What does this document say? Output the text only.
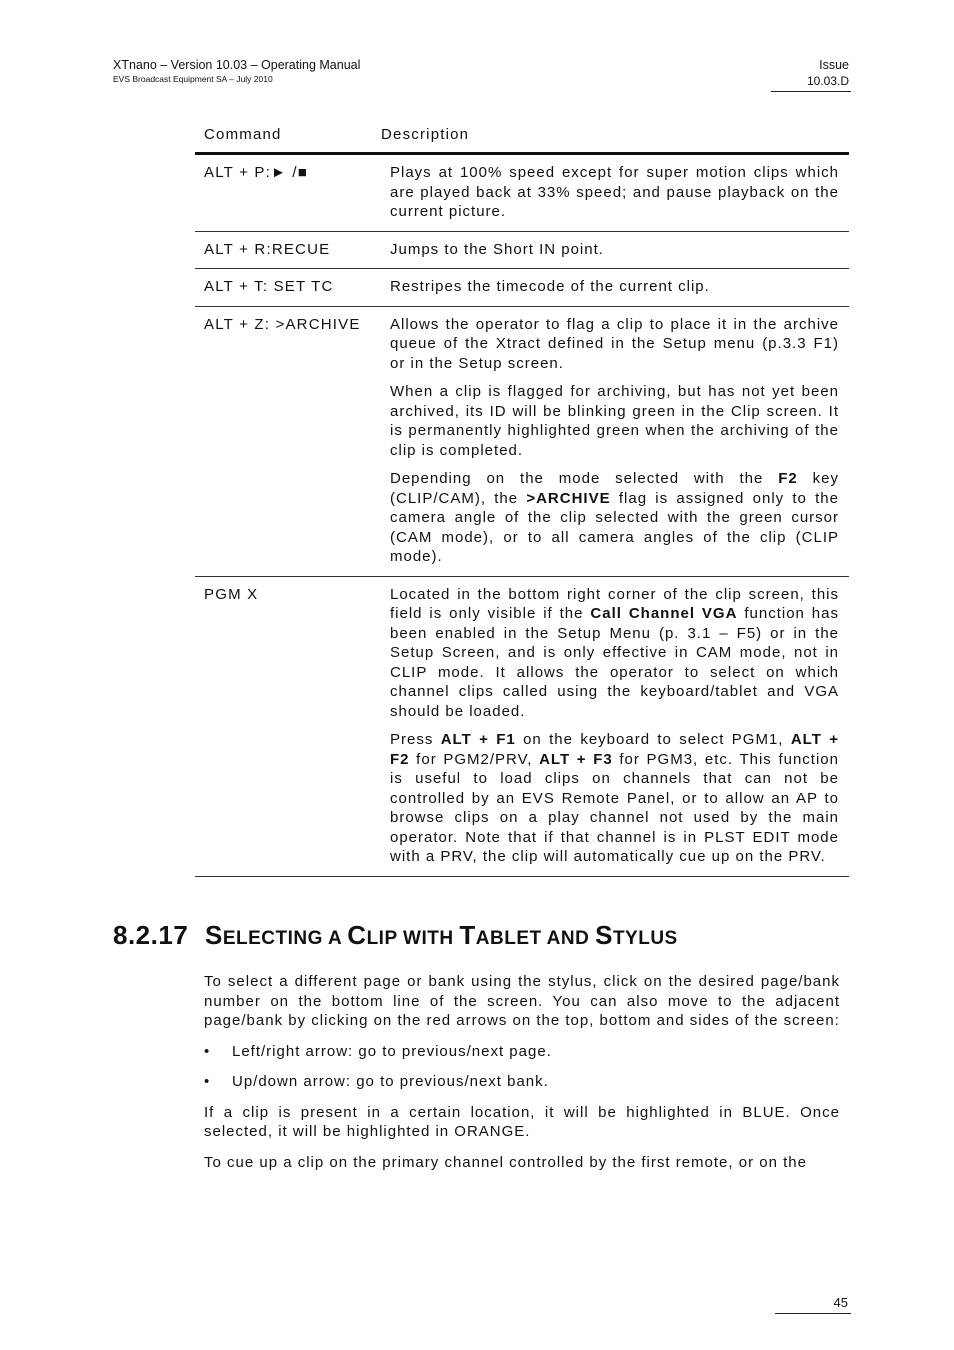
XTnano – Version 10.03 – Operating Manual
EVS Broadcast Equipment SA – July 2010
Issue
10.03.D
Command	Description
ALT + P:► /■	Plays at 100% speed except for super motion clips which are played back at 33% speed; and pause playback on the current picture.

ALT + R:RECUE	Jumps to the Short IN point.

ALT + T: SET TC	Restripes the timecode of the current clip.

ALT + Z: >ARCHIVE	Allows the operator to flag a clip to place it in the archive queue of the Xtract defined in the Setup menu (p.3.3 F1) or in the Setup screen.

When a clip is flagged for archiving, but has not yet been archived, its ID will be blinking green in the Clip screen. It is permanently highlighted green when the archiving of the clip is completed.

Depending on the mode selected with the F2 key (CLIP/CAM), the >ARCHIVE flag is assigned only to the camera angle of the clip selected with the green cursor (CAM mode), or to all camera angles of the clip (CLIP mode).

PGM X	Located in the bottom right corner of the clip screen, this field is only visible if the Call Channel VGA function has been enabled in the Setup Menu (p. 3.1 – F5) or in the Setup Screen, and is only effective in CAM mode, not in CLIP mode. It allows the operator to select on which channel clips called using the keyboard/tablet and VGA should be loaded.

Press ALT + F1 on the keyboard to select PGM1, ALT + F2 for PGM2/PRV, ALT + F3 for PGM3, etc. This function is useful to load clips on channels that can not be controlled by an EVS Remote Panel, or to allow an AP to browse clips on a play channel not used by the main operator. Note that if that channel is in PLST EDIT mode with a PRV, the clip will automatically cue up on the PRV.

8.2.17 SELECTING A CLIP WITH TABLET AND STYLUS

To select a different page or bank using the stylus, click on the desired page/bank number on the bottom line of the screen. You can also move to the adjacent page/bank by clicking on the red arrows on the top, bottom and sides of the screen:

•	Left/right arrow: go to previous/next page.
•	Up/down arrow: go to previous/next bank.

If a clip is present in a certain location, it will be highlighted in BLUE. Once selected, it will be highlighted in ORANGE.

To cue up a clip on the primary channel controlled by the first remote, or on the

45
